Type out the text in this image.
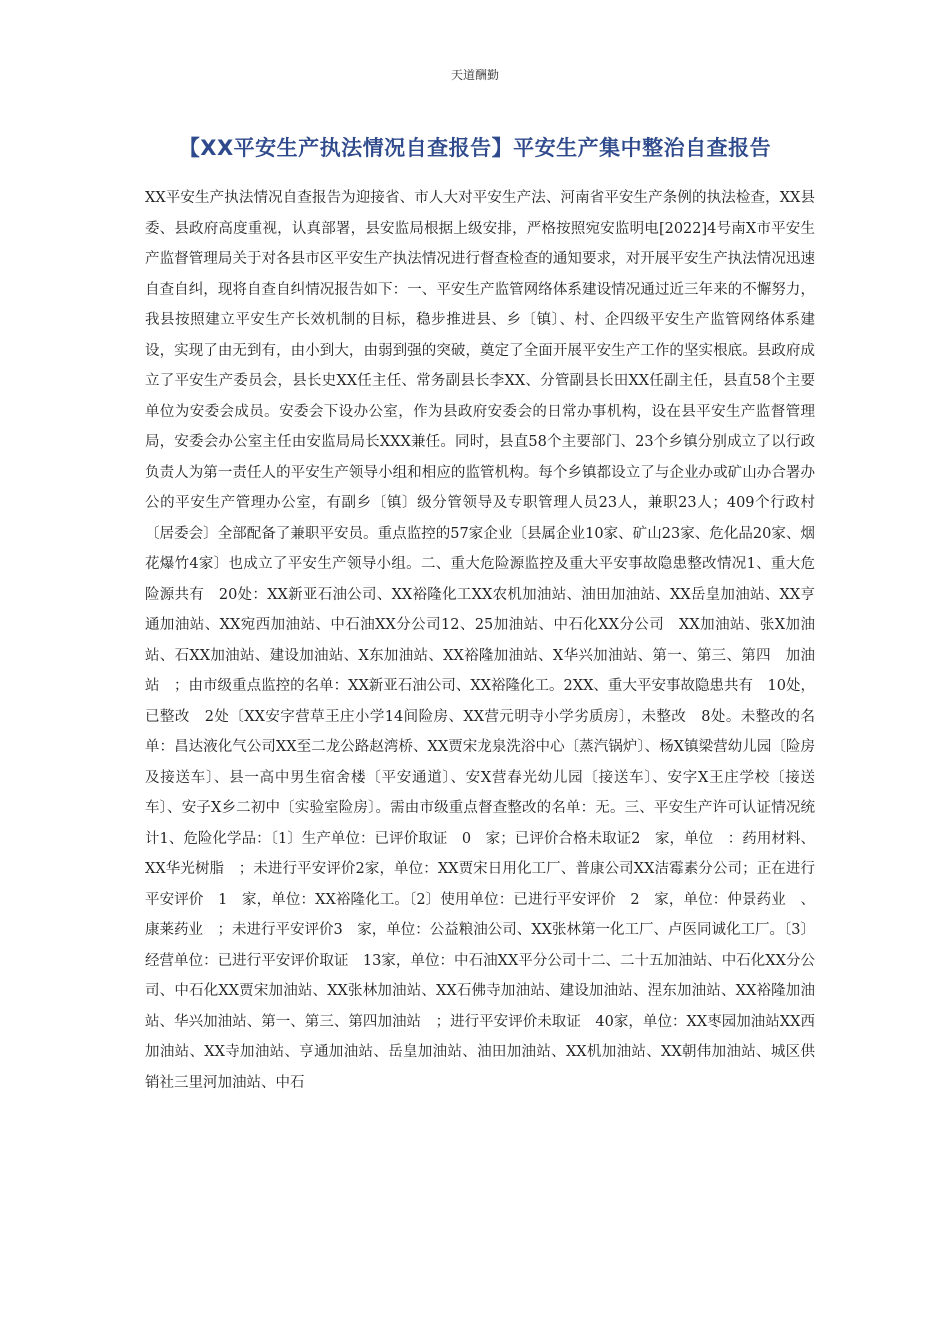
天道酬勤
【XX平安生产执法情况自查报告】平安生产集中整治自查报告
XX平安生产执法情况自查报告为迎接省、市人大对平安生产法、河南省平安生产条例的执法检查，XX县委、县政府高度重视，认真部署，县安监局根据上级安排，严格按照宛安监明电[2022]4号南X市平安生产监督管理局关于对各县市区平安生产执法情况进行督查检查的通知要求，对开展平安生产执法情况迅速自查自纠，现将自查自纠情况报告如下：一、平安生产监管网络体系建设情况通过近三年来的不懈努力，我县按照建立平安生产长效机制的目标，稳步推进县、乡〔镇〕、村、企四级平安生产监管网络体系建设，实现了由无到有，由小到大，由弱到强的突破，奠定了全面开展平安生产工作的坚实根底。县政府成立了平安生产委员会，县长史XX任主任、常务副县长李XX、分管副县长田XX任副主任，县直58个主要单位为安委会成员。安委会下设办公室，作为县政府安委会的日常办事机构，设在县平安生产监督管理局，安委会办公室主任由安监局局长XXX兼任。同时，县直58个主要部门、23个乡镇分别成立了以行政负责人为第一责任人的平安生产领导小组和相应的监管机构。每个乡镇都设立了与企业办或矿山办合署办公的平安生产管理办公室，有副乡〔镇〕级分管领导及专职管理人员23人，兼职23人；409个行政村〔居委会〕全部配备了兼职平安员。重点监控的57家企业〔县属企业10家、矿山23家、危化品20家、烟花爆竹4家〕也成立了平安生产领导小组。二、重大危险源监控及重大平安事故隐患整改情况1、重大危险源共有　20处：XX新亚石油公司、XX裕隆化工XX农机加油站、油田加油站、XX岳皇加油站、XX亨通加油站、XX宛西加油站、中石油XX分公司12、25加油站、中石化XX分公司　XX加油站、张X加油站、石XX加油站、建设加油站、X东加油站、XX裕隆加油站、X华兴加油站、第一、第三、第四　加油站　；由市级重点监控的名单：XX新亚石油公司、XX裕隆化工。2XX、重大平安事故隐患共有　10处，已整改　2处〔XX安字营草王庄小学14间险房、XX营元明寺小学劣质房〕，未整改　8处。未整改的名单：昌达液化气公司XX至二龙公路赵湾桥、XX贾宋龙泉洗浴中心〔蒸汽锅炉〕、杨X镇梁营幼儿园〔险房及接送车〕、县一高中男生宿舍楼〔平安通道〕、安X营春光幼儿园〔接送车〕、安字X王庄学校〔接送车〕、安子X乡二初中〔实验室险房〕。需由市级重点督查整改的名单：无。三、平安生产许可认证情况统计1、危险化学品：〔1〕生产单位：已评价取证　0　家；已评价合格未取证2　家，单位　：药用材料、XX华光树脂　；未进行平安评价2家，单位：XX贾宋日用化工厂、普康公司XX洁霉素分公司；正在进行平安评价　1　家，单位：XX裕隆化工。〔2〕使用单位：已进行平安评价　2　家，单位：仲景药业　、康莱药业　；未进行平安评价3　家，单位：公益粮油公司、XX张林第一化工厂、卢医同诚化工厂。〔3〕经营单位：已进行平安评价取证　13家，单位：中石油XX平分公司十二、二十五加油站、中石化XX分公司、中石化XX贾宋加油站、XX张林加油站、XX石佛寺加油站、建设加油站、涅东加油站、XX裕隆加油站、华兴加油站、第一、第三、第四加油站　；进行平安评价未取证　40家，单位：XX枣园加油站XX西加油站、XX寺加油站、亨通加油站、岳皇加油站、油田加油站、XX机加油站、XX朝伟加油站、城区供销社三里河加油站、中石
